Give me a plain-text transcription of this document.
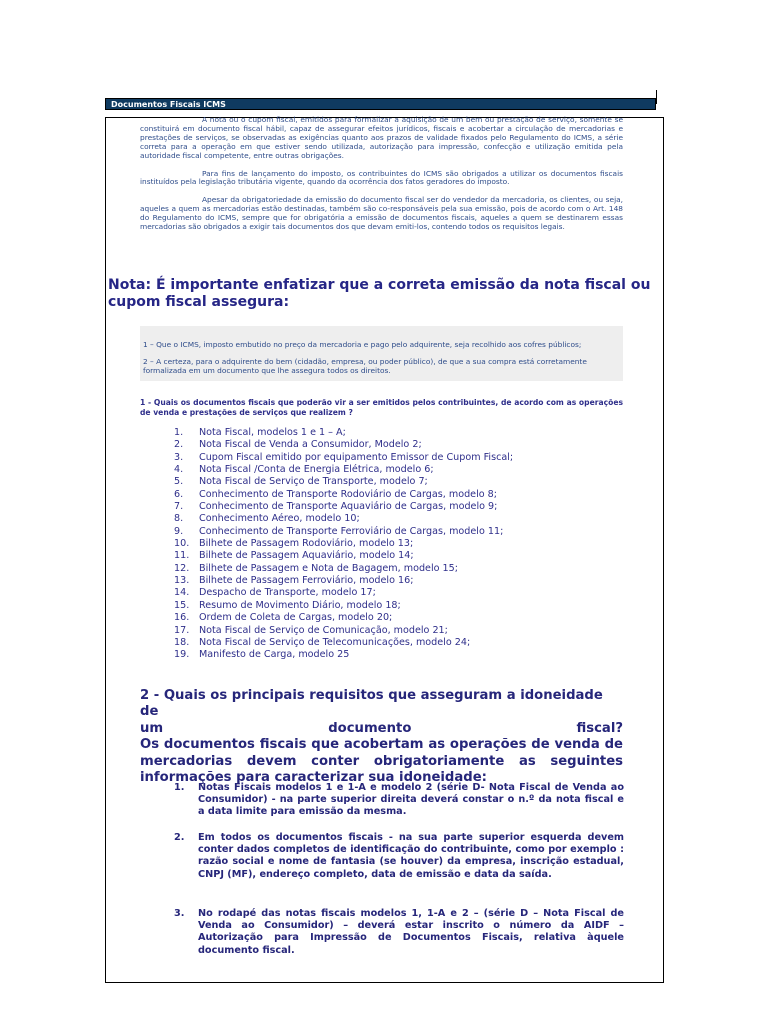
Documentos Fiscais ICMS

A nota ou o cupom fiscal, emitidos para formalizar a aquisição de um bem ou prestação de serviço, somente se constituirá em documento fiscal hábil, capaz de assegurar efeitos jurídicos, fiscais e acobertar a circulação de mercadorias e prestações de serviços, se observadas as exigências quanto aos prazos de validade fixados pelo Regulamento do ICMS, a série correta para a operação em que estiver sendo utilizada, autorização para impressão, confecção e utilização emitida pela autoridade fiscal competente, entre outras obrigações.

Para fins de lançamento do imposto, os contribuintes do ICMS são obrigados a utilizar os documentos fiscais instituídos pela legislação tributária vigente, quando da ocorrência dos fatos geradores do imposto.

Apesar da obrigatoriedade da emissão do documento fiscal ser do vendedor da mercadoria, os clientes, ou seja, aqueles a quem as mercadorias estão destinadas, também são co-responsáveis pela sua emissão, pois de acordo com o Art. 148 do Regulamento do ICMS, sempre que for obrigatória a emissão de documentos fiscais, aqueles a quem se destinarem essas mercadorias são obrigados a exigir tais documentos dos que devam emiti-los, contendo todos os requisitos legais.

Nota: É importante enfatizar que a correta emissão da nota fiscal ou cupom fiscal assegura:

1 – Que o ICMS, imposto embutido no preço da mercadoria e pago pelo adquirente, seja recolhido aos cofres públicos;

2 – A certeza, para o adquirente do bem (cidadão, empresa, ou poder público), de que a sua compra está corretamente formalizada em um documento que lhe assegura todos os direitos.

1 - Quais os documentos fiscais que poderão vir a ser emitidos pelos contribuintes, de acordo com as operações de venda e prestações de serviços que realizem ?
1. Nota Fiscal, modelos 1 e 1 – A;
2. Nota Fiscal de Venda a Consumidor, Modelo 2;
3. Cupom Fiscal emitido por equipamento Emissor de Cupom Fiscal;
4. Nota Fiscal /Conta de Energia Elétrica, modelo 6;
5. Nota Fiscal de Serviço de Transporte, modelo 7;
6. Conhecimento de Transporte Rodoviário de Cargas, modelo 8;
7. Conhecimento de Transporte Aquaviário de Cargas, modelo 9;
8. Conhecimento Aéreo, modelo 10;
9. Conhecimento de Transporte Ferroviário de Cargas, modelo 11;
10. Bilhete de Passagem Rodoviário, modelo 13;
11. Bilhete de Passagem Aquaviário, modelo 14;
12. Bilhete de Passagem e Nota de Bagagem, modelo 15;
13. Bilhete de Passagem Ferroviário, modelo 16;
14. Despacho de Transporte, modelo 17;
15. Resumo de Movimento Diário, modelo 18;
16. Ordem de Coleta de Cargas, modelo 20;
17. Nota Fiscal de Serviço de Comunicação, modelo 21;
18. Nota Fiscal de Serviço de Telecomunicações, modelo 24;
19. Manifesto de Carga, modelo 25
2 - Quais os principais requisitos que asseguram a idoneidade de
um documento fiscal?
Os documentos fiscais que acobertam as operações de venda de
mercadorias devem conter obrigatoriamente as seguintes
informações para caracterizar sua idoneidade:
1. Notas Fiscais modelos 1 e 1-A e modelo 2 (série D- Nota Fiscal de Venda ao Consumidor) - na parte superior direita deverá constar o n.º da nota fiscal e a data limite para emissão da mesma.
2. Em todos os documentos fiscais - na sua parte superior esquerda devem conter dados completos de identificação do contribuinte, como por exemplo : razão social e nome de fantasia (se houver) da empresa, inscrição estadual, CNPJ (MF), endereço completo, data de emissão e data da saída.
3. No rodapé das notas fiscais modelos 1, 1-A e 2 – (série D – Nota Fiscal de Venda ao Consumidor) – deverá estar inscrito o número da AIDF – Autorização para Impressão de Documentos Fiscais, relativa àquele documento fiscal.
